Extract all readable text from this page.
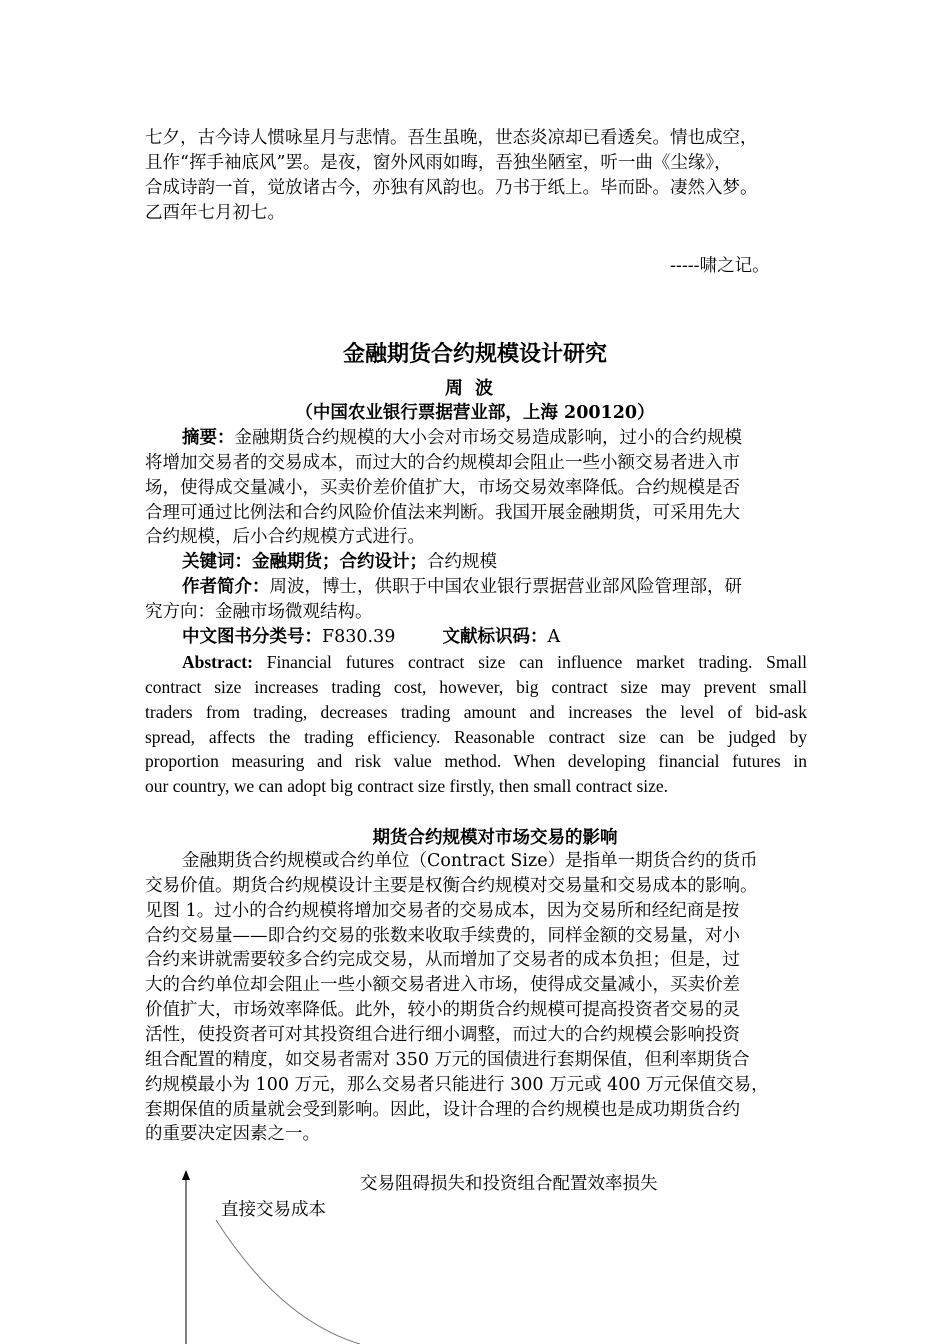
七夕，古今诗人惯咏星月与悲情。吾生虽晚，世态炎凉却已看透矣。情也成空，
且作“挥手袖底风”罢。是夜，窗外风雨如晦，吾独坐陋室，听一曲《尘缘》，
合成诗韵一首，觉放诸古今，亦独有风韵也。乃书于纸上。毕而卧。凄然入梦。
乙酉年七月初七。
-----啸之记。
金融期货合约规模设计研究
周波
（中国农业银行票据营业部，上海 200120）
摘要：金融期货合约规模的大小会对市场交易造成影响，过小的合约规模
将增加交易者的交易成本，而过大的合约规模却会阻止一些小额交易者进入市
场，使得成交量减小，买卖价差价值扩大，市场交易效率降低。合约规模是否
合理可通过比例法和合约风险价值法来判断。我国开展金融期货，可采用先大
合约规模，后小合约规模方式进行。
关键词：金融期货；合约设计；合约规模
作者简介：周波，博士，供职于中国农业银行票据营业部风险管理部，研
究方向：金融市场微观结构。
中文图书分类号：F830.39	文献标识码：A
Abstract: Financial futures contract size can influence market trading. Small
contract size increases trading cost, however, big contract size may prevent small
traders from trading, decreases trading amount and increases the level of bid-ask
spread, affects the trading efficiency. Reasonable contract size can be judged by
proportion measuring and risk value method. When developing financial futures in
our country, we can adopt big contract size firstly, then small contract size.
期货合约规模对市场交易的影响
金融期货合约规模或合约单位（Contract Size）是指单一期货合约的货币
交易价值。期货合约规模设计主要是权衡合约规模对交易量和交易成本的影响。
见图 1。过小的合约规模将增加交易者的交易成本，因为交易所和经纪商是按
合约交易量——即合约交易的张数来收取手续费的，同样金额的交易量，对小
合约来讲就需要较多合约完成交易，从而增加了交易者的成本负担；但是，过
大的合约单位却会阻止一些小额交易者进入市场，使得成交量减小，买卖价差
价值扩大，市场效率降低。此外，较小的期货合约规模可提高投资者交易的灵
活性，使投资者可对其投资组合进行细小调整，而过大的合约规模会影响投资
组合配置的精度，如交易者需对 350 万元的国债进行套期保值，但利率期货合
约规模最小为 100 万元，那么交易者只能进行 300 万元或 400 万元保值交易，
套期保值的质量就会受到影响。因此，设计合理的合约规模也是成功期货合约
的重要决定因素之一。
交易阻碍损失和投资组合配置效率损失
直接交易成本
